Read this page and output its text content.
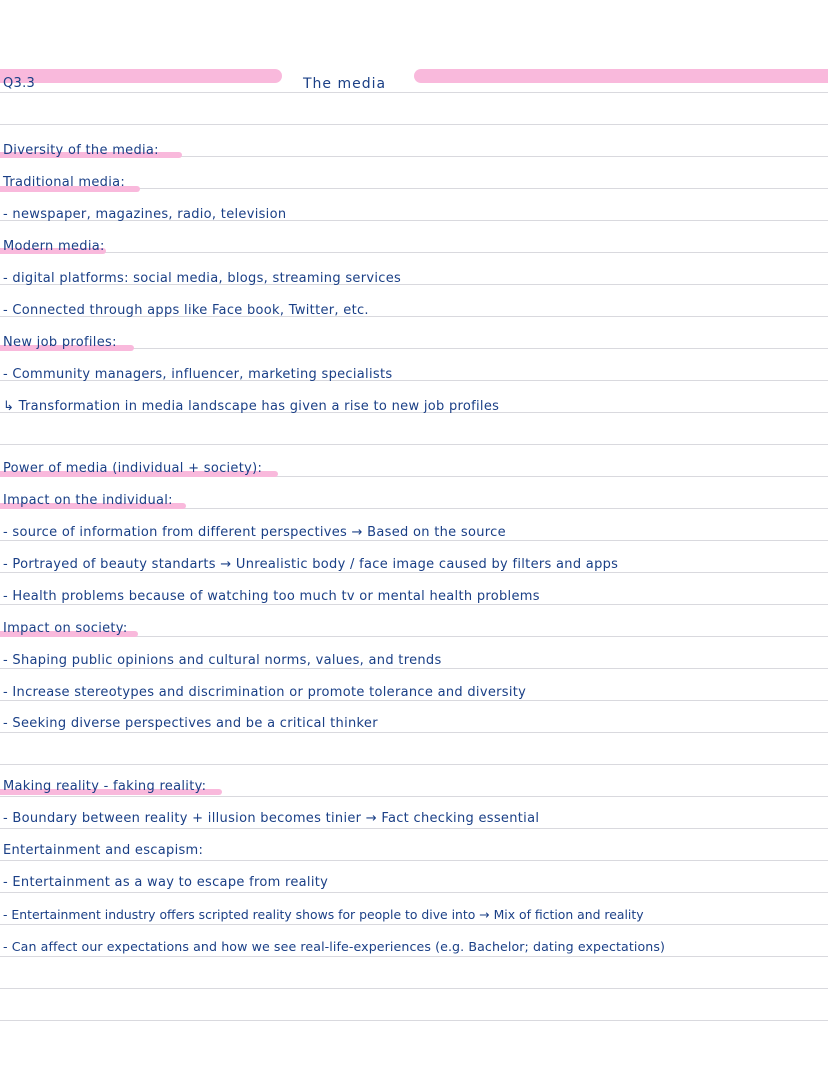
Q3.3	The media
Diversity of the media:
Traditional media:
- newspaper, magazines, radio, television
Modern media:
- digital platforms: social media, blogs, streaming services
- Connected through apps like Face book, Twitter, etc.
New job profiles:
- Community managers, influencer, marketing specialists
↳ Transformation in media landscape has given a rise to new job profiles
Power of media (individual + society):
Impact on the individual:
- source of information from different perspectives → Based on the source
- Portrayed of beauty standarts → Unrealistic body / face image caused by filters and apps
- Health problems because of watching too much tv or mental health problems
Impact on society:
- Shaping public opinions and cultural norms, values, and trends
- Increase stereotypes and discrimination or promote tolerance and diversity
- Seeking diverse perspectives and be a critical thinker
Making reality - faking reality:
- Boundary between reality + illusion becomes tinier → Fact checking essential
Entertainment and escapism:
- Entertainment as a way to escape from reality
- Entertainment industry offers scripted reality shows for people to dive into → Mix of fiction and reality
- Can affect our expectations and how we see real-life-experiences (e.g. Bachelor; dating expectations)
